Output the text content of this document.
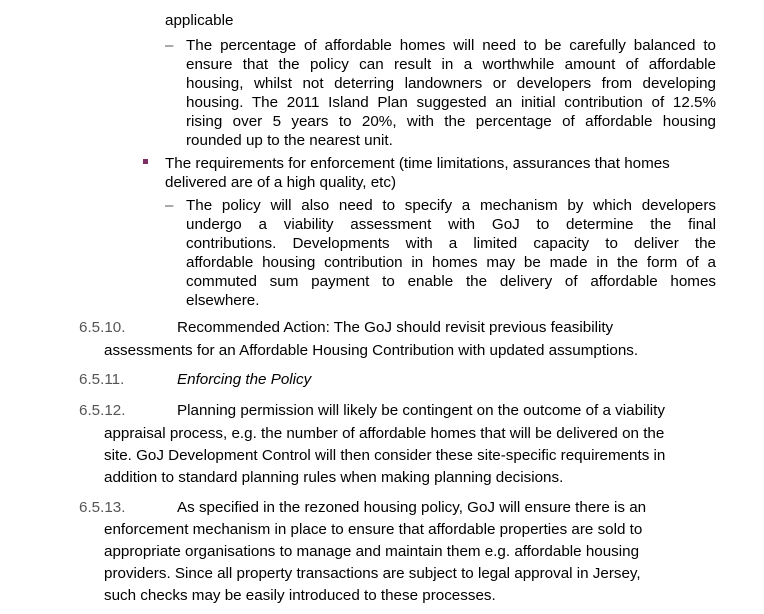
applicable
– The percentage of affordable homes will need to be carefully balanced to
ensure that the policy can result in a worthwhile amount of affordable
housing, whilst not deterring landowners or developers from developing
housing. The 2011 Island Plan suggested an initial contribution of 12.5%
rising over 5 years to 20%, with the percentage of affordable housing
rounded up to the nearest unit.
The requirements for enforcement (time limitations, assurances that homes
delivered are of a high quality, etc)
– The policy will also need to specify a mechanism by which developers
undergo a viability assessment with GoJ to determine the final
contributions. Developments with a limited capacity to deliver the
affordable housing contribution in homes may be made in the form of a
commuted sum payment to enable the delivery of affordable homes
elsewhere.
6.5.10.	Recommended Action: The GoJ should revisit previous feasibility
assessments for an Affordable Housing Contribution with updated assumptions.
6.5.11.	Enforcing the Policy
6.5.12.	Planning permission will likely be contingent on the outcome of a viability
appraisal process, e.g. the number of affordable homes that will be delivered on the
site. GoJ Development Control will then consider these site-specific requirements in
addition to standard planning rules when making planning decisions.
6.5.13.	As specified in the rezoned housing policy, GoJ will ensure there is an
enforcement mechanism in place to ensure that affordable properties are sold to
appropriate organisations to manage and maintain them e.g. affordable housing
providers. Since all property transactions are subject to legal approval in Jersey,
such checks may be easily introduced to these processes.
